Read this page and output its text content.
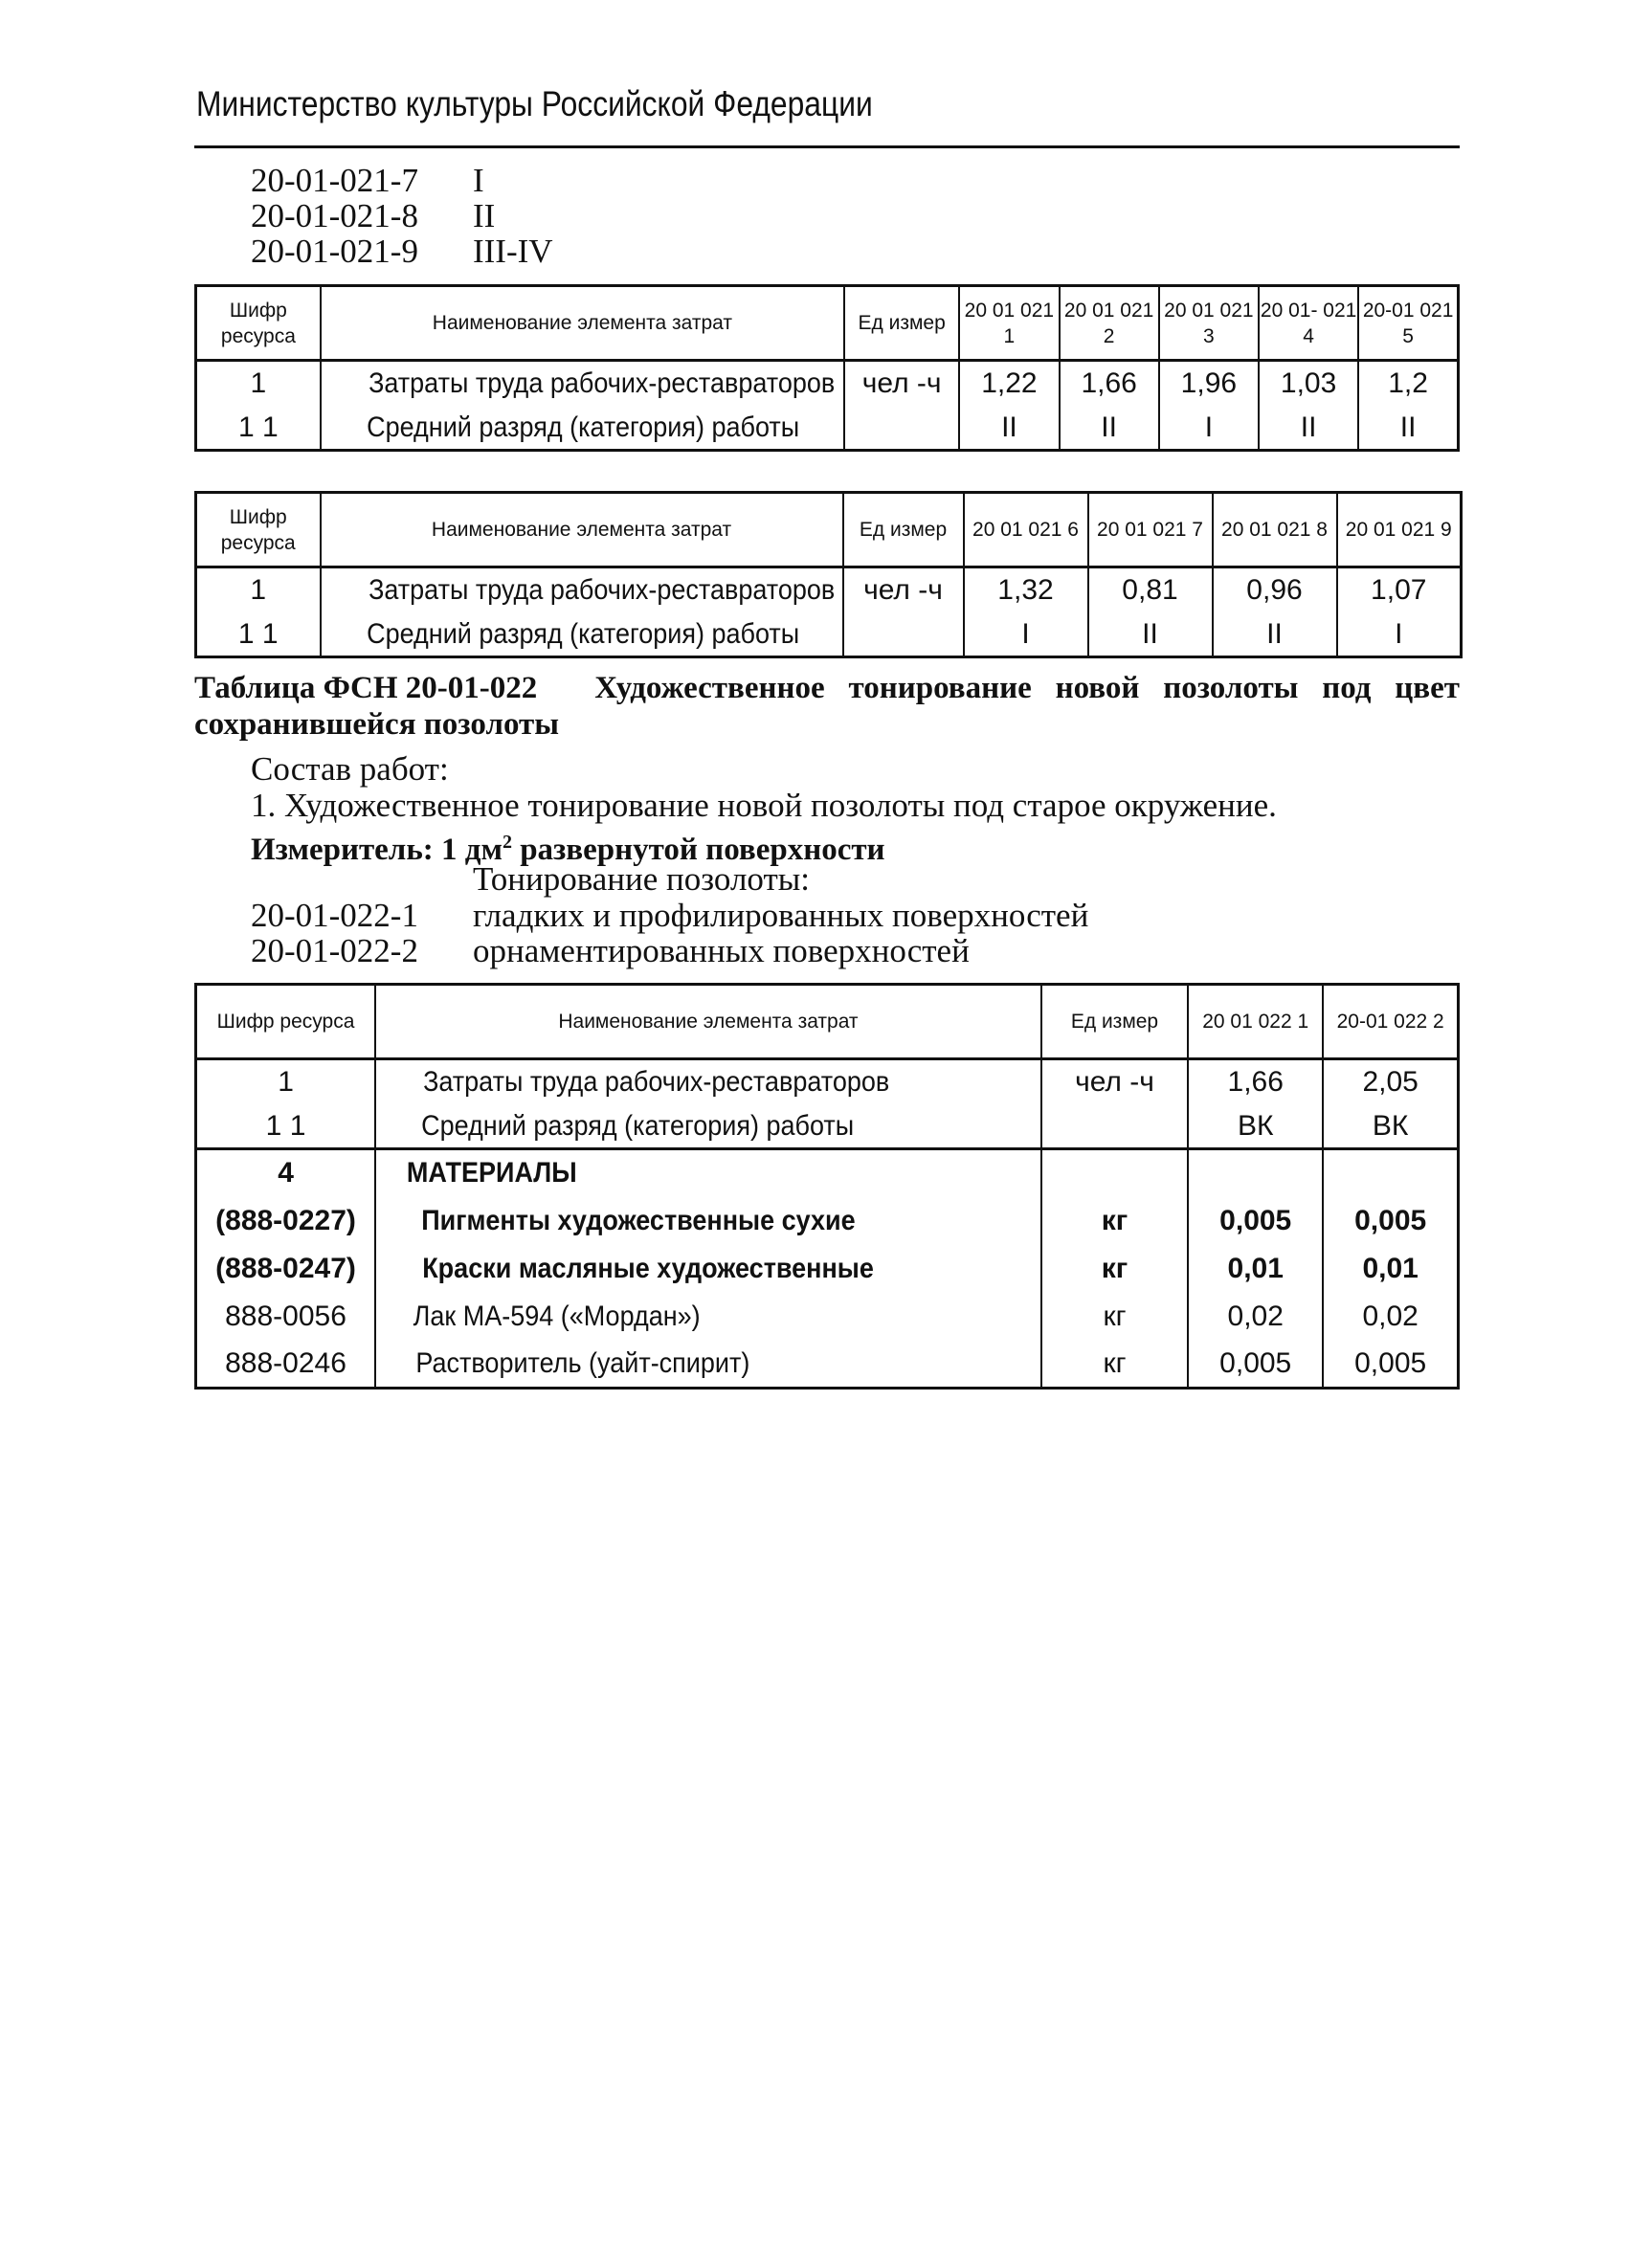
Министерство культуры Российской Федерации
20-01-021-7 I
20-01-021-8 II
20-01-021-9 III-IV
Шифр ресурса	Наименование элемента затрат	Ед измер	20 01 021 1	20 01 021 2	20 01 021 3	20 01- 021 4	20-01 021 5
1	Затраты труда рабочих-реставраторов	чел -ч	1,22	1,66	1,96	1,03	1,2
1 1	Средний разряд (категория) работы		II	II	I	II	II
Шифр ресурса	Наименование элемента затрат	Ед измер	20 01 021 6	20 01 021 7	20 01 021 8	20 01 021 9
1	Затраты труда рабочих-реставраторов	чел -ч	1,32	0,81	0,96	1,07
1 1	Средний разряд (категория) работы		I	II	II	I
Таблица ФСН 20-01-022 Художественное тонирование новой позолоты под цвет сохранившейся позолоты
Состав работ:
1. Художественное тонирование новой позолоты под старое окружение.
Измеритель: 1 $дм^2$ развернутой поверхности
Тонирование позолоты:
20-01-022-1 гладких и профилированных поверхностей
20-01-022-2 орнаментированных поверхностей
Шифр ресурса	Наименование элемента затрат	Ед измер	20 01 022 1	20-01 022 2
1	Затраты труда рабочих-реставраторов	чел -ч	1,66	2,05
1 1	Средний разряд (категория) работы		ВК	ВК
4	МАТЕРИАЛЫ			
(888-0227)	Пигменты художественные сухие	кг	0,005	0,005
(888-0247)	Краски масляные художественные	кг	0,01	0,01
888-0056	Лак МА-594 («Мордан»)	кг	0,02	0,02
888-0246	Растворитель (уайт-спирит)	кг	0,005	0,005
